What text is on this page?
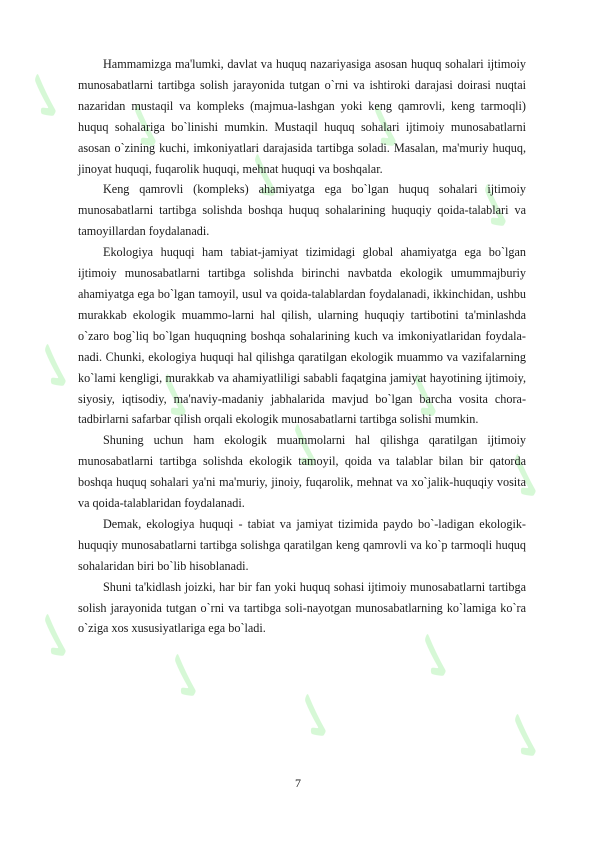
✓ ✓
✓
✓
✓
✓ ✓
✓
✓
✓
✓ ✓ ✓
✓
✓

Hammamizga ma'lumki, davlat va huquq nazariyasiga asosan huquq sohalari ijtimoiy munosabatlarni tartibga solish jarayonida tutgan o`rni va ishtiroki darajasi doirasi nuqtai nazaridan mustaqil va kompleks (majmua-lashgan yoki keng qamrovli, keng tarmoqli) huquq sohalariga bo`linishi mumkin. Mustaqil huquq sohalari ijtimoiy munosabatlarni asosan o`zining kuchi, imkoniyatlari darajasida tartibga soladi. Masalan, ma'muriy huquq, jinoyat huquqi, fuqarolik huquqi, mehnat huquqi va boshqalar.

Keng qamrovli (kompleks) ahamiyatga ega bo`lgan huquq sohalari ijtimoiy munosabatlarni tartibga solishda boshqa huquq sohalarining huquqiy qoida-talablari va tamoyillardan foydalanadi.

Ekologiya huquqi ham tabiat-jamiyat tizimidagi global ahamiyatga ega bo`lgan ijtimoiy munosabatlarni tartibga solishda birinchi navbatda ekologik umummajburiy ahamiyatga ega bo`lgan tamoyil, usul va qoida-talablardan foydalanadi, ikkinchidan, ushbu murakkab ekologik muammo-larni hal qilish, ularning huquqiy tartibotini ta'minlashda o`zaro bog`liq bo`lgan huquqning boshqa sohalarining kuch va imkoniyatlaridan foydala-nadi. Chunki, ekologiya huquqi hal qilishga qaratilgan ekologik muammo va vazifalarning ko`lami kengligi, murakkab va ahamiyatliligi sababli faqatgina jamiyat hayotining ijtimoiy, siyosiy, iqtisodiy, ma'naviy-madaniy jabhalarida mavjud bo`lgan barcha vosita chora-tadbirlarni safarbar qilish orqali ekologik munosabatlarni tartibga solishi mumkin.

Shuning uchun ham ekologik muammolarni hal qilishga qaratilgan ijtimoiy munosabatlarni tartibga solishda ekologik tamoyil, qoida va talablar bilan bir qatorda boshqa huquq sohalari ya'ni ma'muriy, jinoiy, fuqarolik, mehnat va xo`jalik-huquqiy vosita va qoida-talablaridan foydalanadi.

Demak, ekologiya huquqi - tabiat va jamiyat tizimida paydo bo`-ladigan ekologik-huquqiy munosabatlarni tartibga solishga qaratilgan keng qamrovli va ko`p tarmoqli huquq sohalaridan biri bo`lib hisoblanadi.

Shuni ta'kidlash joizki, har bir fan yoki huquq sohasi ijtimoiy munosabatlarni tartibga solish jarayonida tutgan o`rni va tartibga soli-nayotgan munosabatlarning ko`lamiga ko`ra o`ziga xos xususiyatlariga ega bo`ladi.

7
